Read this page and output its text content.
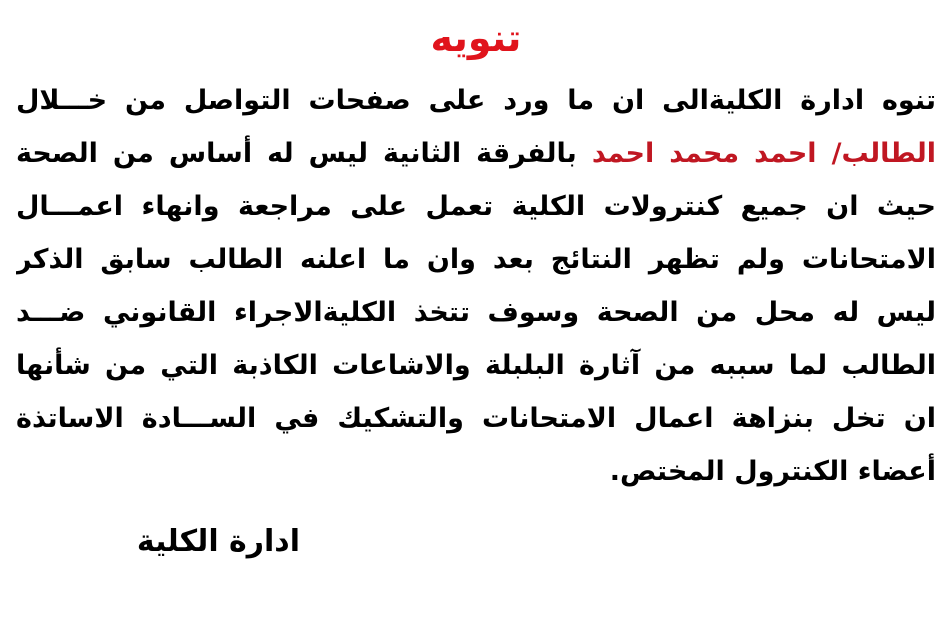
تنويه
تنوه ادارة الكليةالى ان ما ورد على صفحات التواصل من خـــلال
الطالب/ احمد محمد احمد بالفرقة الثانية ليس له أساس من الصحة
حيث ان جميع كنترولات الكلية تعمل على مراجعة وانهاء اعمـــال
الامتحانات ولم تظهر النتائج بعد وان ما اعلنه الطالب سابق الذكر
ليس له محل من الصحة وسوف تتخذ الكليةالاجراء القانوني ضـــد
الطالب لما سببه من آثارة البلبلة والاشاعات الكاذبة التي من شأنها
ان تخل بنزاهة اعمال الامتحانات والتشكيك في الســـادة الاساتذة
أعضاء الكنترول المختص.
ادارة الكلية
